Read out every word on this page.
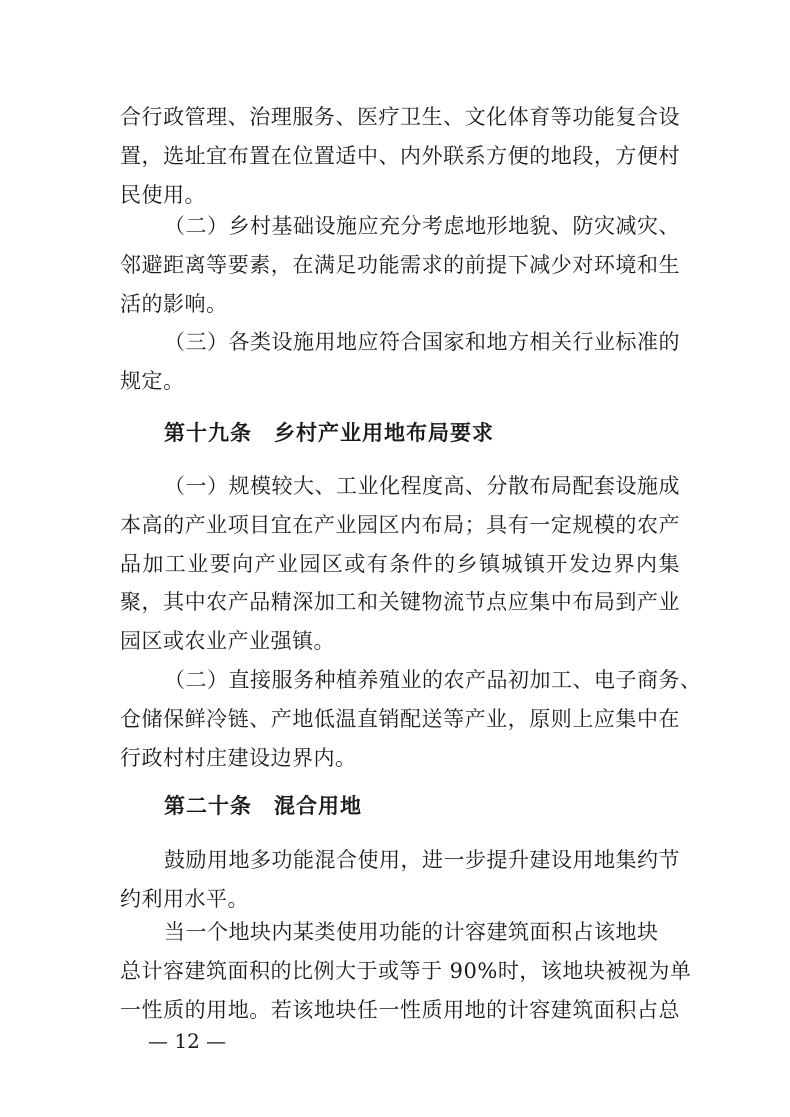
合行政管理、治理服务、医疗卫生、文化体育等功能复合设
置，选址宜布置在位置适中、内外联系方便的地段，方便村
民使用。
（二）乡村基础设施应充分考虑地形地貌、防灾减灾、
邻避距离等要素，在满足功能需求的前提下减少对环境和生
活的影响。
（三）各类设施用地应符合国家和地方相关行业标准的
规定。
第十九条 乡村产业用地布局要求
（一）规模较大、工业化程度高、分散布局配套设施成
本高的产业项目宜在产业园区内布局；具有一定规模的农产
品加工业要向产业园区或有条件的乡镇城镇开发边界内集
聚，其中农产品精深加工和关键物流节点应集中布局到产业
园区或农业产业强镇。
（二）直接服务种植养殖业的农产品初加工、电子商务、
仓储保鲜冷链、产地低温直销配送等产业，原则上应集中在
行政村村庄建设边界内。
第二十条 混合用地
鼓励用地多功能混合使用，进一步提升建设用地集约节
约利用水平。
当一个地块内某类使用功能的计容建筑面积占该地块
总计容建筑面积的比例大于或等于 90%时，该地块被视为单
一性质的用地。若该地块任一性质用地的计容建筑面积占总
— 12 —
